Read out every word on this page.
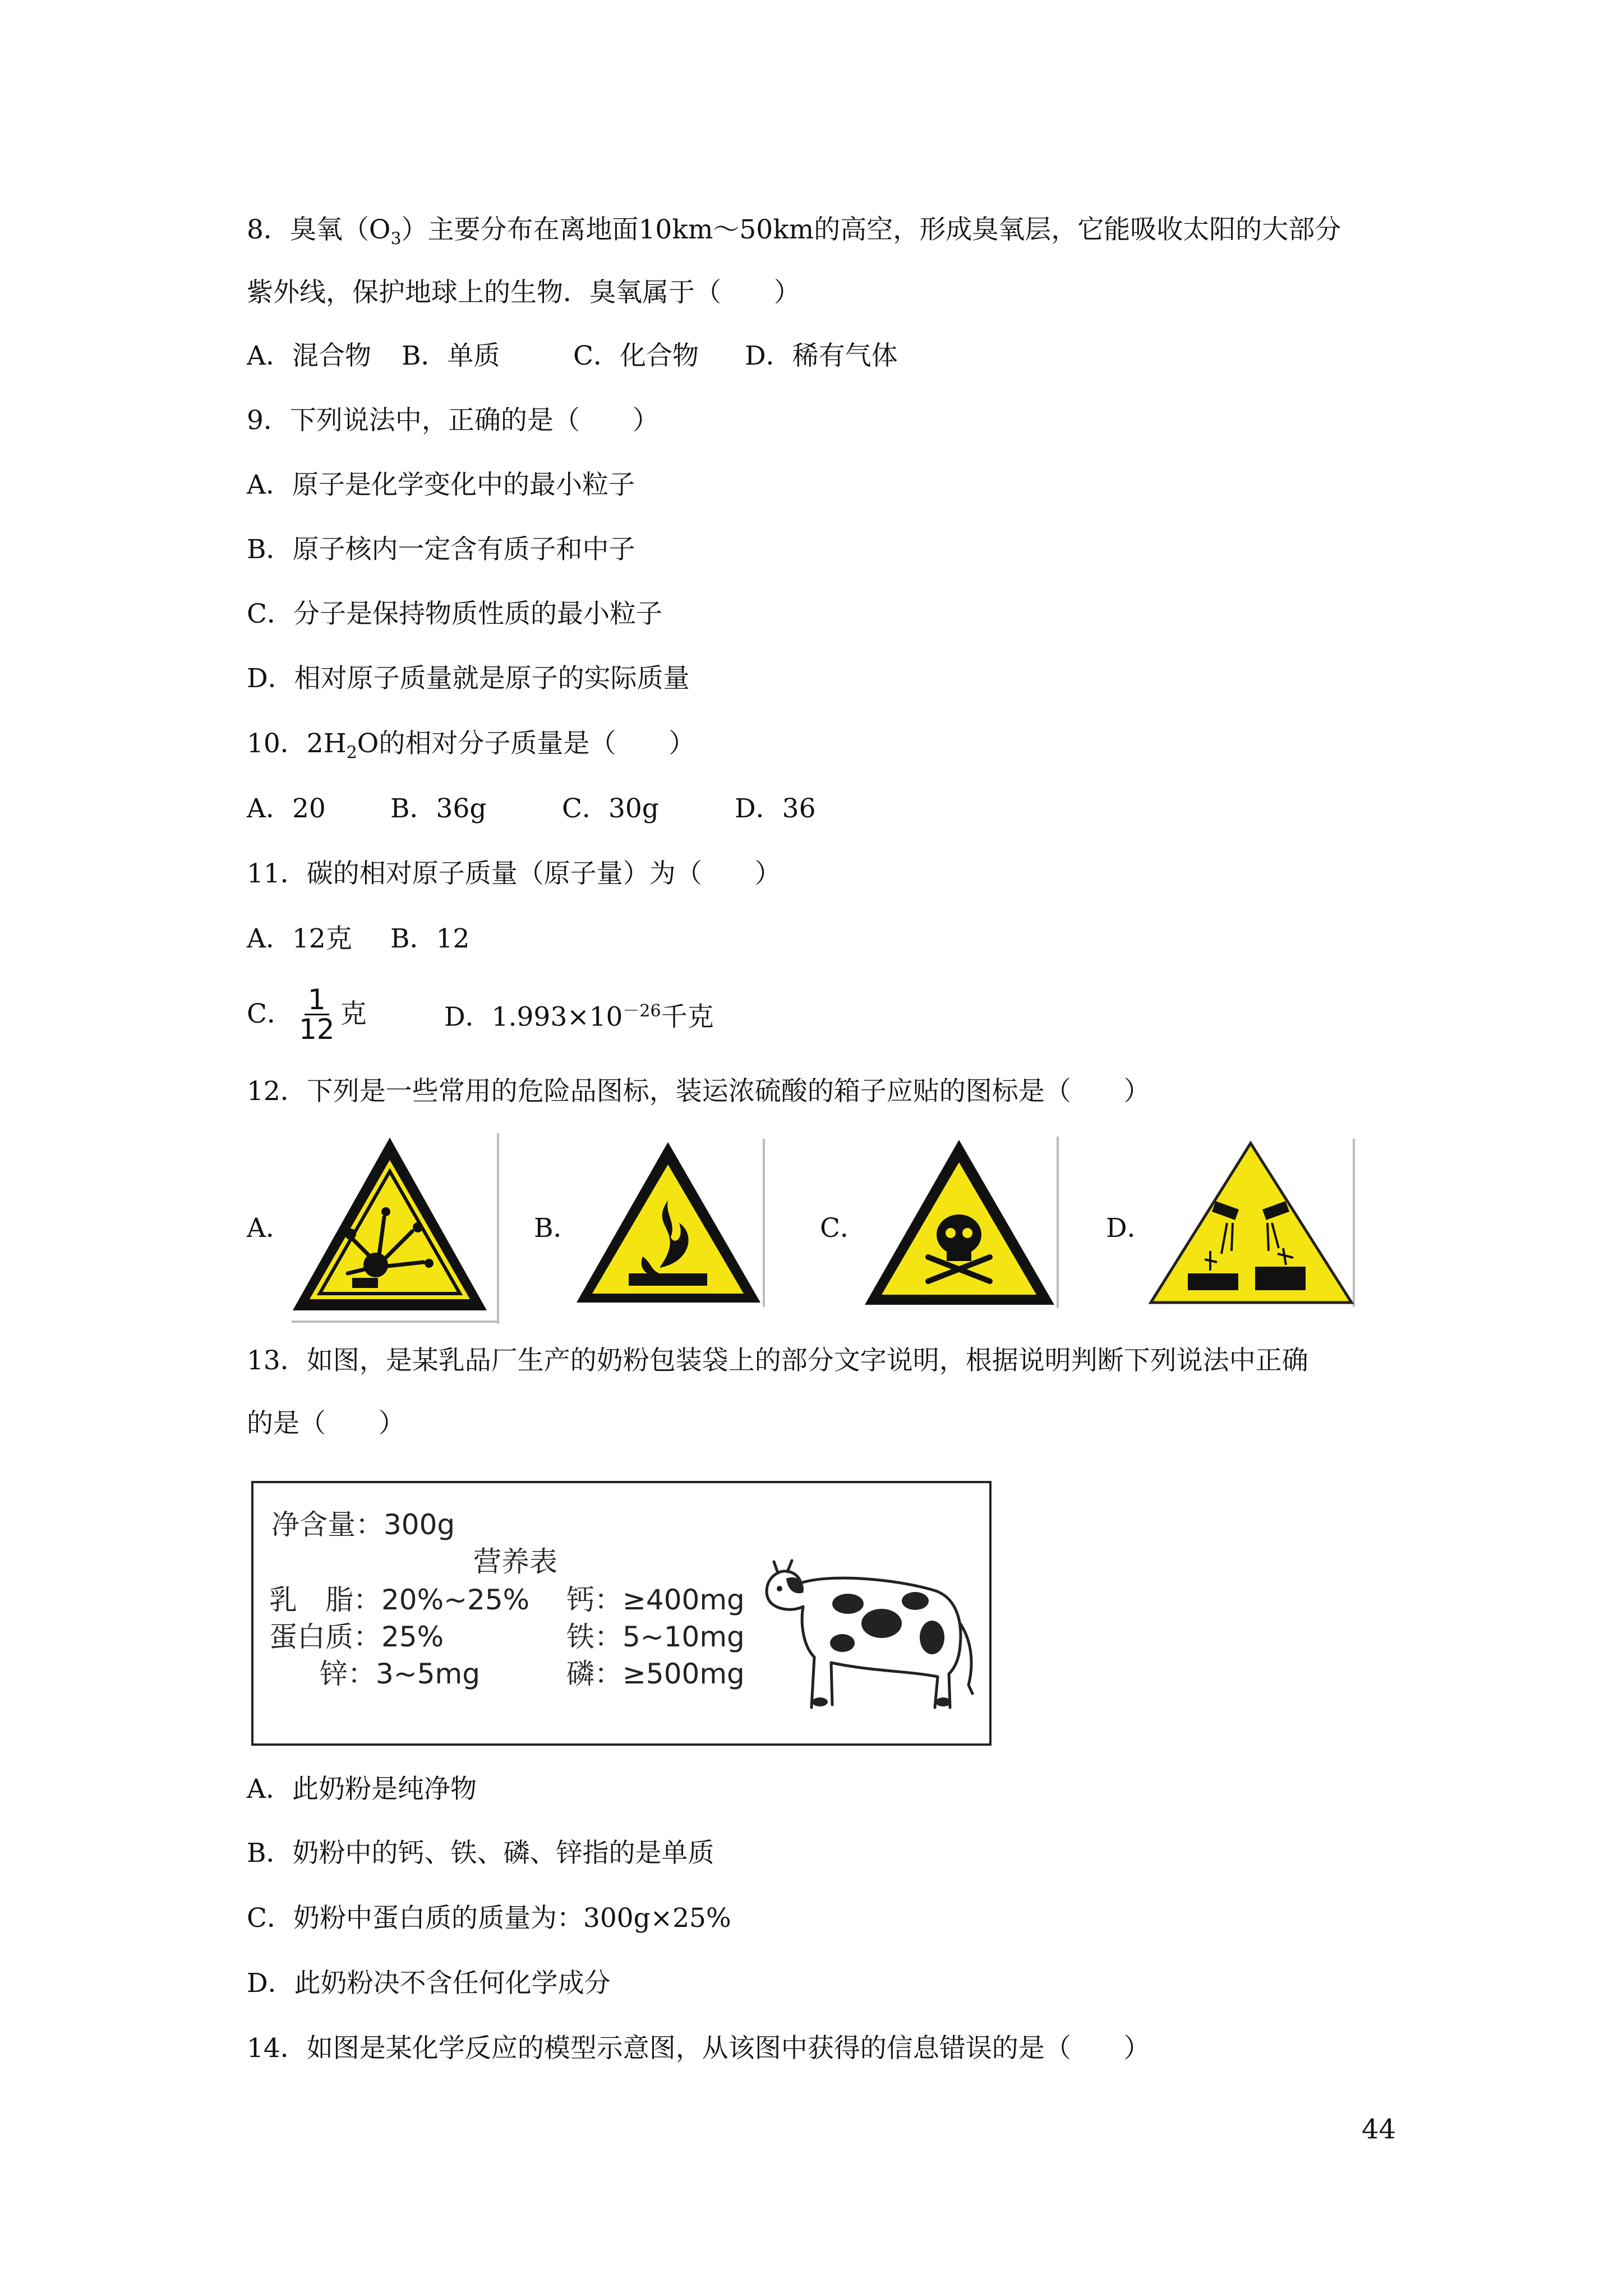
8．臭氧$(O_3)$主要分布在离地面10km～50km的高空，形成臭氧层，它能吸收太阳的大部分
紫外线，保护地球上的生物．臭氧属于（　　）
A．混合物 B．单质	C．化合物 D．稀有气体
9．下列说法中，正确的是（　　）
A．原子是化学变化中的最小粒子
B．原子核内一定含有质子和中子
C．分子是保持物质性质的最小粒子
D．相对原子质量就是原子的实际质量
10．$2H_2O$的相对分子质量是（　　）
A．20 B．36g	C．30g	D．36
11．碳的相对原子质量（原子量）为（　　）
A．12克 B．12
C． $\frac{1}{12}$ 克	D．$1.993\times 10^{-26}$千克
12．下列是一些常用的危险品图标，装运浓硫酸的箱子应贴的图标是（　　）
A．	B．	C．	D．
13．如图，是某乳品厂生产的奶粉包装袋上的部分文字说明，根据说明判断下列说法中正确
的是（　　）
净含量：300g
营养表
乳　脂：20%~25% 钙：≥400mg
蛋白质：25%	铁：5~10mg
锌：3~5mg	磷：≥500mg
A．此奶粉是纯净物
B．奶粉中的钙、铁、磷、锌指的是单质
C．奶粉中蛋白质的质量为：300g×25%
D．此奶粉决不含任何化学成分
14．如图是某化学反应的模型示意图，从该图中获得的信息错误的是（　　）
44
